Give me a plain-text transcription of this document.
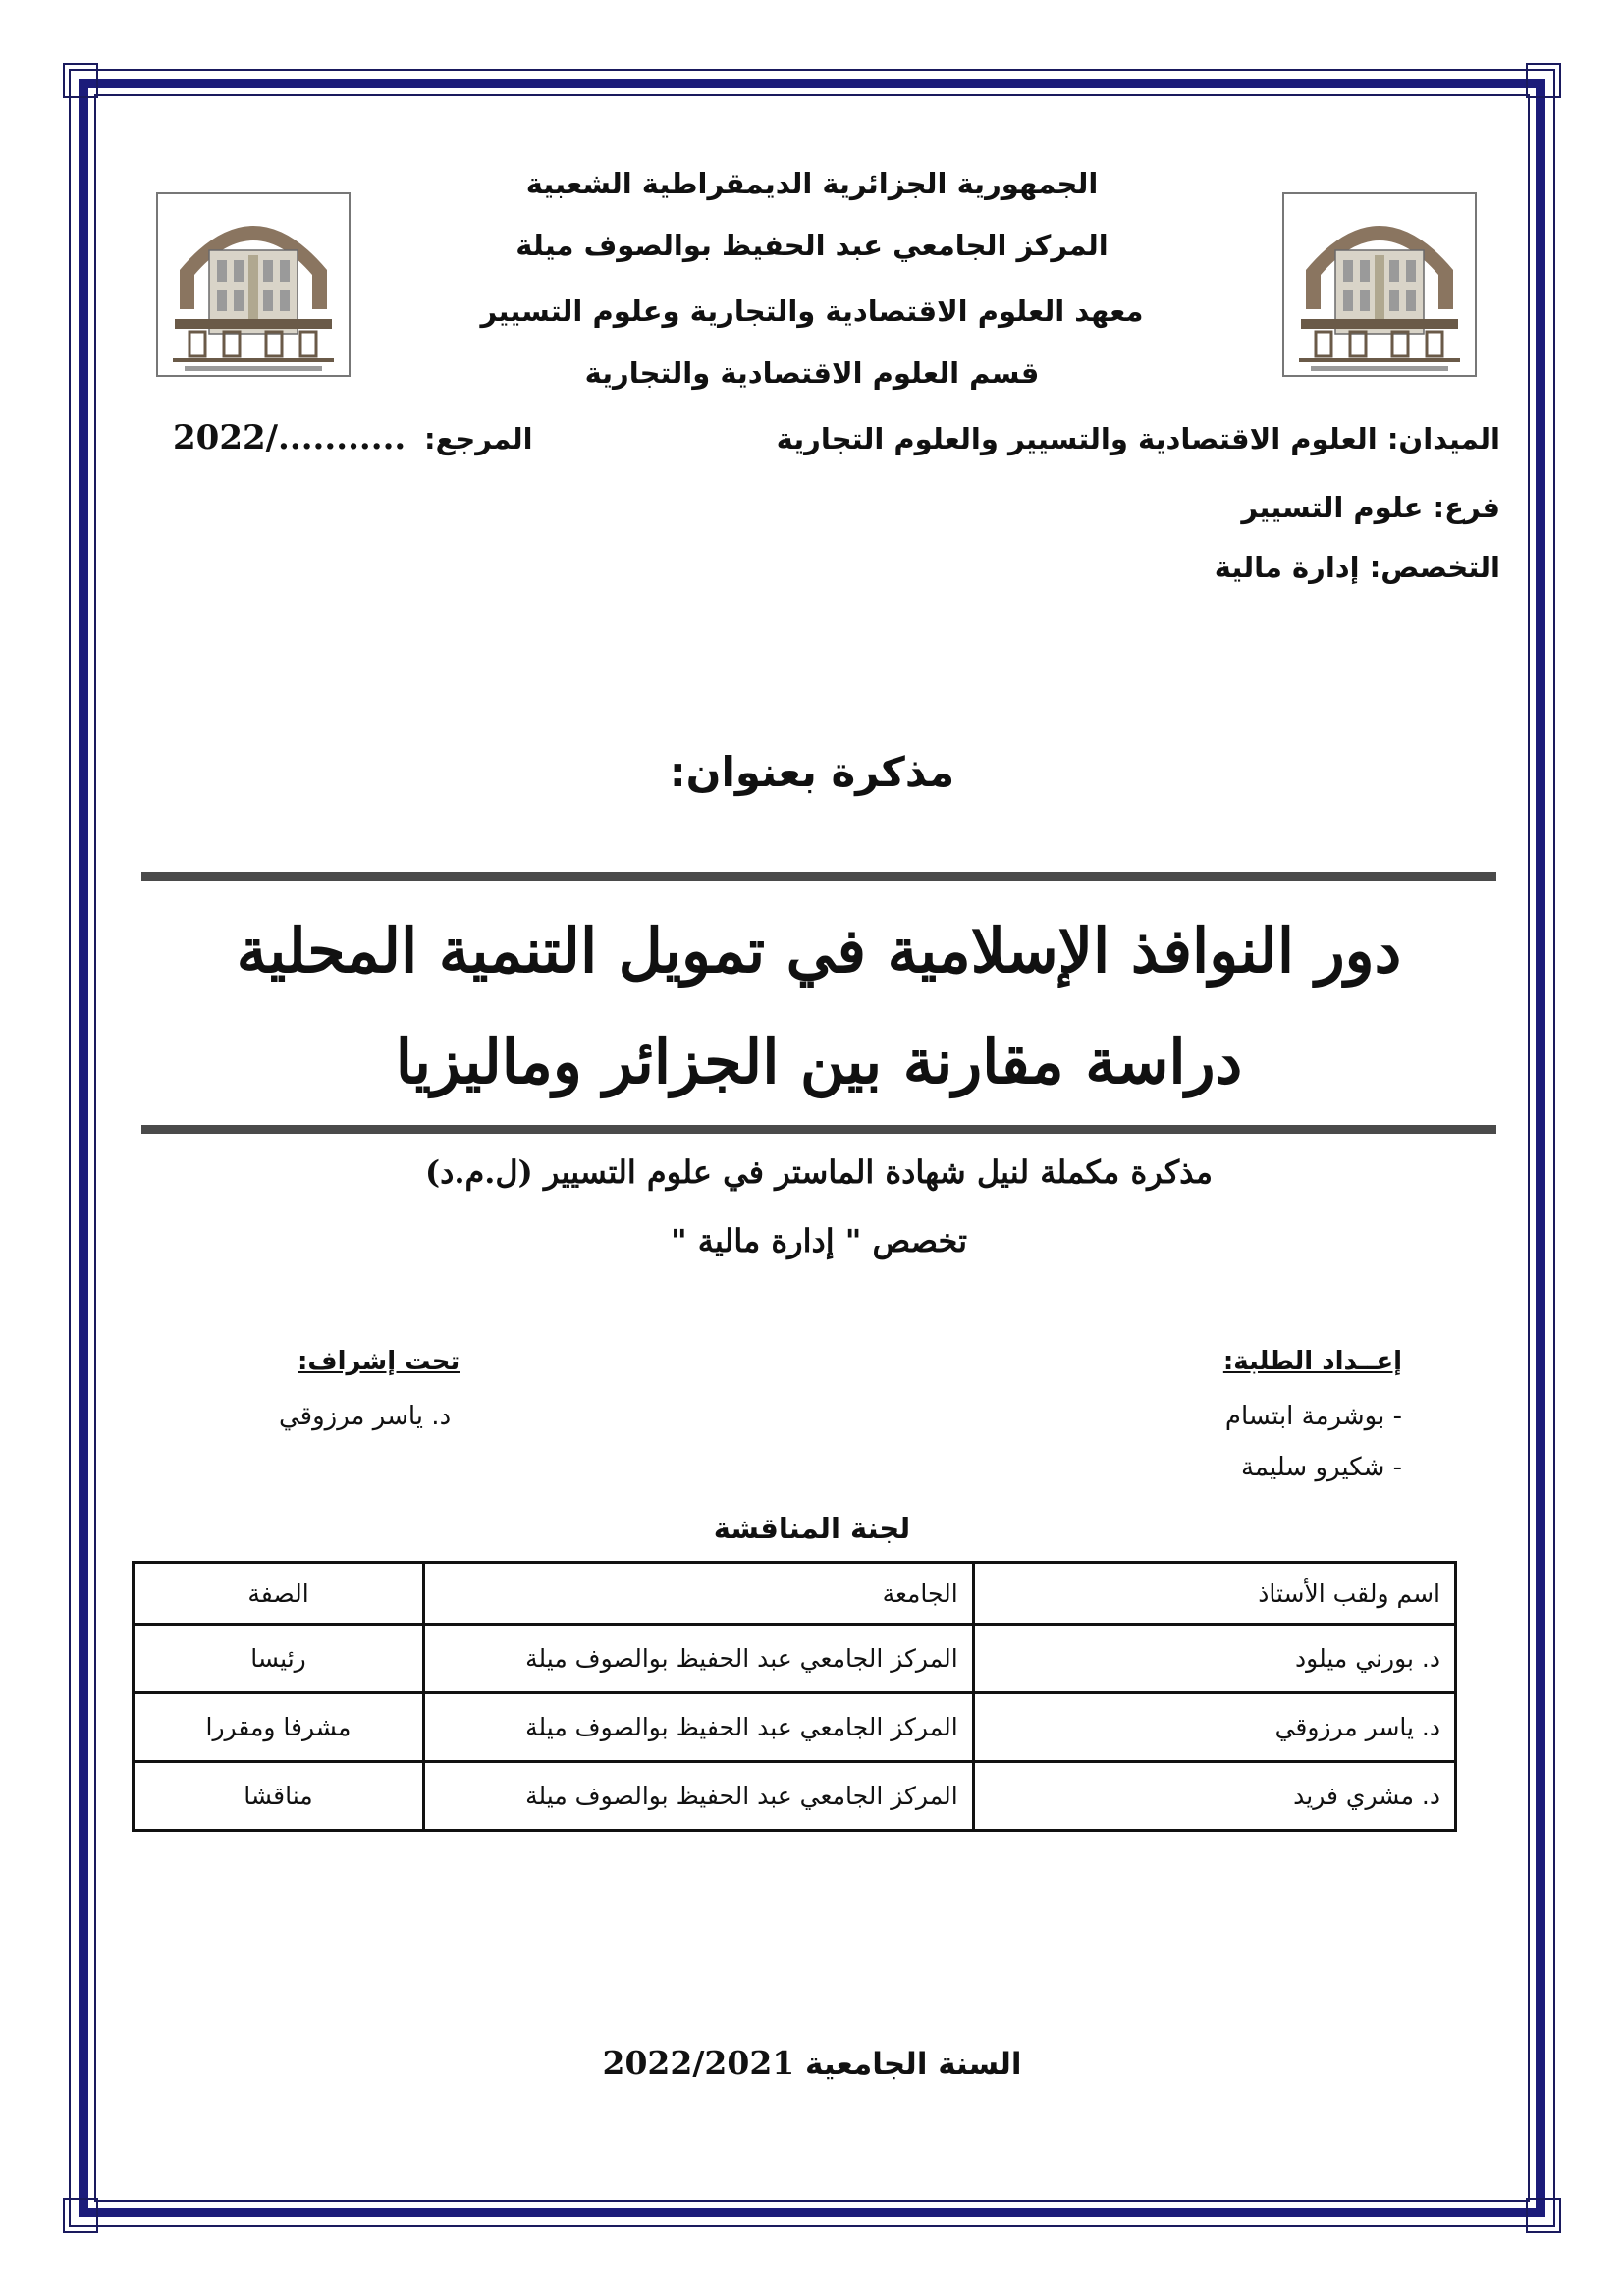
الجمهورية الجزائرية الديمقراطية الشعبية
المركز الجامعي عبد الحفيظ بوالصوف ميلة
معهد العلوم الاقتصادية والتجارية وعلوم التسيير
قسم العلوم الاقتصادية والتجارية
الميدان: العلوم الاقتصادية والتسيير والعلوم التجارية
المرجع:
2022/...........
فرع: علوم التسيير
التخصص: إدارة مالية
مذكرة بعنوان:
دور النوافذ الإسلامية في تمويل التنمية المحلية
دراسة مقارنة بين الجزائر وماليزيا
مذكرة مكملة لنيل شهادة الماستر في علوم التسيير (ل.م.د)
تخصص " إدارة مالية "
إعــداد الطلبة:
- بوشرمة ابتسام
- شكيرو سليمة
تحت إشراف:
د. ياسر مرزوقي
لجنة المناقشة
اسم ولقب الأستاذ	الجامعة	الصفة
د. بورني ميلود	المركز الجامعي عبد الحفيظ بوالصوف ميلة	رئيسا
د. ياسر مرزوقي	المركز الجامعي عبد الحفيظ بوالصوف ميلة	مشرفا ومقررا
د. مشري فريد	المركز الجامعي عبد الحفيظ بوالصوف ميلة	مناقشا
السنة الجامعية 2022/2021
